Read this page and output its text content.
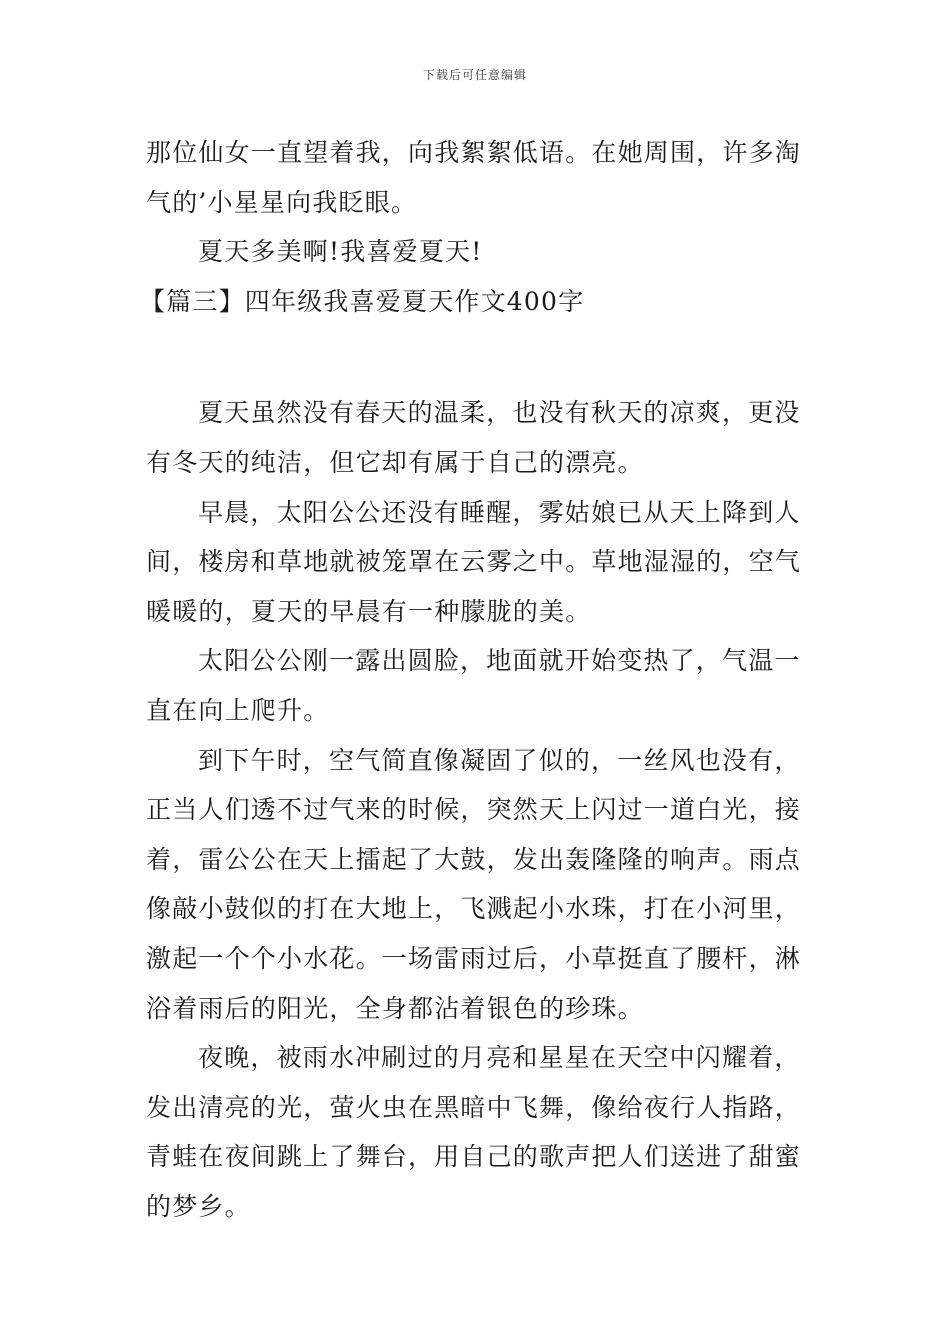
下载后可任意编辑
那位仙女一直望着我，向我絮絮低语。在她周围，许多淘
气的’小星星向我眨眼。
夏天多美啊!我喜爱夏天!
【篇三】四年级我喜爱夏天作文400字
夏天虽然没有春天的温柔，也没有秋天的凉爽，更没
有冬天的纯洁，但它却有属于自己的漂亮。
早晨，太阳公公还没有睡醒，雾姑娘已从天上降到人
间，楼房和草地就被笼罩在云雾之中。草地湿湿的，空气
暖暖的，夏天的早晨有一种朦胧的美。
太阳公公刚一露出圆脸，地面就开始变热了，气温一
直在向上爬升。
到下午时，空气简直像凝固了似的，一丝风也没有，
正当人们透不过气来的时候，突然天上闪过一道白光，接
着，雷公公在天上擂起了大鼓，发出轰隆隆的响声。雨点
像敲小鼓似的打在大地上，飞溅起小水珠，打在小河里，
激起一个个小水花。一场雷雨过后，小草挺直了腰杆，淋
浴着雨后的阳光，全身都沾着银色的珍珠。
夜晚，被雨水冲刷过的月亮和星星在天空中闪耀着，
发出清亮的光，萤火虫在黑暗中飞舞，像给夜行人指路，
青蛙在夜间跳上了舞台，用自己的歌声把人们送进了甜蜜
的梦乡。
